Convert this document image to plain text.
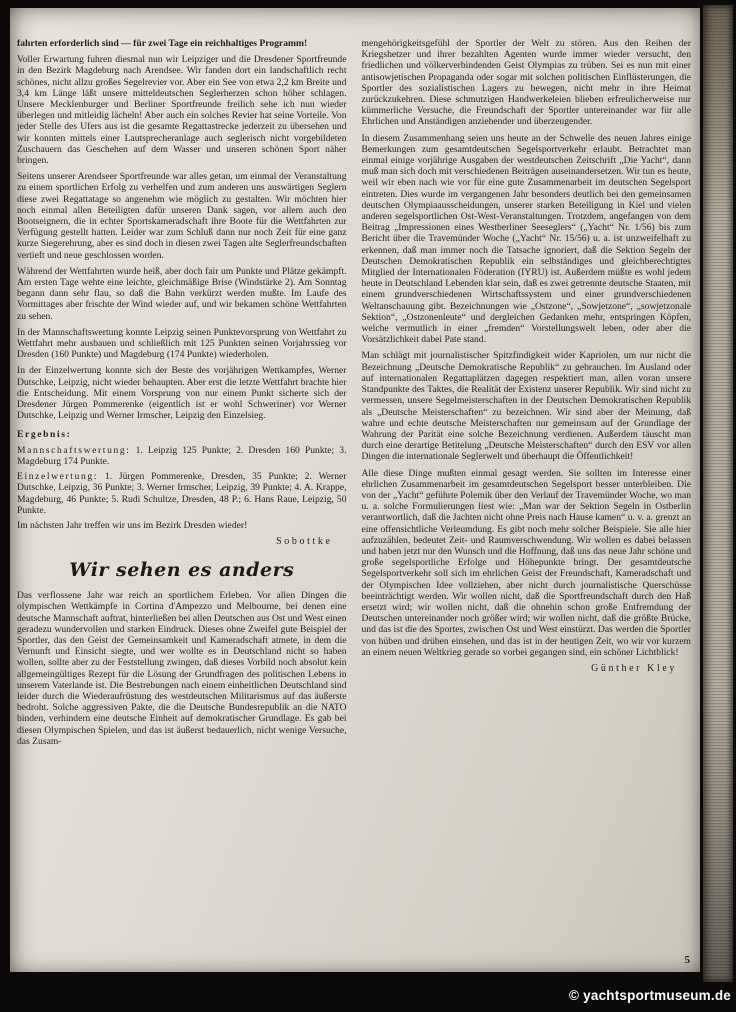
fahrten erforderlich sind — für zwei Tage ein reichhaltiges Programm!

Voller Erwartung fuhren diesmal nun wir Leipziger und die Dresdener Sportfreunde in den Bezirk Magdeburg nach Arendsee. Wir fanden dort ein landschaftlich recht schönes, nicht allzu großes Segelrevier vor. Aber ein See von etwa 2,2 km Breite und 3,4 km Länge läßt unsere mitteldeutschen Seglerherzen schon höher schlagen. Unsere Mecklenburger und Berliner Sportfreunde freilich sehe ich nun wieder überlegen und mitleidig lächeln! Aber auch ein solches Revier hat seine Vorteile. Von jeder Stelle des Ufers aus ist die gesamte Regattastrecke jederzeit zu übersehen und wir konnten mittels einer Lautsprecheranlage auch seglerisch nicht vorgebildeten Zuschauern das Geschehen auf dem Wasser und unseren schönen Sport näher bringen.

Seitens unserer Arendseer Sportfreunde war alles getan, um einmal der Veranstaltung zu einem sportlichen Erfolg zu verhelfen und zum anderen uns auswärtigen Seglern diese zwei Regattatage so angenehm wie möglich zu gestalten. Wir möchten hier noch einmal allen Beteiligten dafür unseren Dank sagen, vor allem auch den Bootseignern, die in echter Sportskameradschaft ihre Boote für die Wettfahrten zur Verfügung gestellt hatten. Leider war zum Schluß dann nur noch Zeit für eine ganz kurze Siegerehrung, aber es sind doch in diesen zwei Tagen alte Seglerfreundschaften vertieft und neue geschlossen worden.

Während der Wettfahrten wurde heiß, aber doch fair um Punkte und Plätze gekämpft. Am ersten Tage wehte eine leichte, gleichmäßige Brise (Windstärke 2). Am Sonntag begann dann sehr flau, so daß die Bahn verkürzt werden mußte. Im Laufe des Vormittages aber frischte der Wind wieder auf, und wir bekamen schöne Wettfahrten zu sehen.

In der Mannschaftswertung konnte Leipzig seinen Punktevorsprung von Wettfahrt zu Wettfahrt mehr ausbauen und schließlich mit 125 Punkten seinen Vorjahrssieg vor Dresden (160 Punkte) und Magdeburg (174 Punkte) wiederholen.

In der Einzelwertung konnte sich der Beste des vorjährigen Wettkampfes, Werner Dutschke, Leipzig, nicht wieder behaupten. Aber erst die letzte Wettfahrt brachte hier die Entscheidung. Mit einem Vorsprung von nur einem Punkt sicherte sich der Dresdener Jürgen Pommerenke (eigentlich ist er wohl Schweriner) vor Werner Dutschke, Leipzig und Werner Irmscher, Leipzig den Einzelsieg.

Ergebnis:

Mannschaftswertung: 1. Leipzig 125 Punkte; 2. Dresden 160 Punkte; 3. Magdeburg 174 Punkte.

Einzelwertung: 1. Jürgen Pommerenke, Dresden, 35 Punkte; 2. Werner Dutschke, Leipzig, 36 Punkte; 3. Werner Irmscher, Leipzig, 39 Punkte; 4. A. Krappe, Magdeburg, 46 Punkte; 5. Rudi Schultze, Dresden, 48 P.; 6. Hans Raue, Leipzig, 50 Punkte.

Im nächsten Jahr treffen wir uns im Bezirk Dresden wieder!

Sobottke

Wir sehen es anders

Das verflossene Jahr war reich an sportlichem Erleben. Vor allen Dingen die olympischen Wettkämpfe in Cortina d'Ampezzo und Melbourne, bei denen eine deutsche Mannschaft auftrat, hinterließen bei allen Deutschen aus Ost und West einen geradezu wundervollen und starken Eindruck. Dieses ohne Zweifel gute Beispiel der Sportler, das den Geist der Gemeinsamkeit und Kameradschaft atmete, in dem die Vernunft und Einsicht siegte, und wer wollte es in Deutschland nicht so haben wollen, sollte aber zu der Feststellung zwingen, daß dieses Vorbild noch absolut kein allgemeingültiges Rezept für die Lösung der Grundfragen des politischen Lebens in unserem Vaterlande ist. Die Bestrebungen nach einem einheitlichen Deutschland sind leider durch die Wiederaufrüstung des westdeutschen Militarismus auf das äußerste bedroht. Solche aggressiven Pakte, die die Deutsche Bundesrepublik an die NATO binden, verhindern eine deutsche Einheit auf demokratischer Grundlage. Es gab bei diesen Olympischen Spielen, und das ist äußerst bedauerlich, nicht wenige Versuche, das Zusam-

mengehörigkeitsgefühl der Sportler der Welt zu stören. Aus den Reihen der Kriegshetzer und ihrer bezahlten Agenten wurde immer wieder versucht, den friedlichen und völkerverbindenden Geist Olympias zu trüben. Sei es nun mit einer antisowjetischen Propaganda oder sogar mit solchen politischen Einflüsterungen, die Sportler des sozialistischen Lagers zu bewegen, nicht mehr in ihre Heimat zurückzukehren. Diese schmutzigen Handwerkeleien blieben erfreulicherweise nur kümmerliche Versuche, die Freundschaft der Sportler untereinander war für alle Ehrlichen und Anständigen anziehender und überzeugender.

In diesem Zusammenhang seien uns heute an der Schwelle des neuen Jahres einige Bemerkungen zum gesamtdeutschen Segelsportverkehr erlaubt. Betrachtet man einmal einige vorjährige Ausgaben der westdeutschen Zeitschrift „Die Yacht“, dann muß man sich doch mit verschiedenen Beiträgen auseinandersetzen. Wir tun es heute, weil wir eben nach wie vor für eine gute Zusammenarbeit im deutschen Segelsport eintreten. Dies wurde im vergangenen Jahr besonders deutlich bei den gemeinsamen deutschen Olympiaausscheidungen, unserer starken Beteiligung in Kiel und vielen anderen segelsportlichen Ost-West-Veranstaltungen. Trotzdem, angefangen von dem Beitrag „Impressionen eines Westberliner Seeseglers“ („Yacht“ Nr. 1/56) bis zum Bericht über die Travemünder Woche („Yacht“ Nr. 15/56) u. a. ist unzweifelhaft zu erkennen, daß man immer noch die Tatsache ignoriert, daß die Sektion Segeln der Deutschen Demokratischen Republik ein selbständiges und gleichberechtigtes Mitglied der Internationalen Föderation (IYRU) ist. Außerdem müßte es wohl jedem heute in Deutschland Lebenden klar sein, daß es zwei getrennte deutsche Staaten, mit einem grundverschiedenen Wirtschaftssystem und einer grundverschiedenen Weltanschauung gibt. Bezeichnungen wie „Ostzone“, „Sowjetzone“, „sowjetzonale Sektion“, „Ostzonenleute“ und dergleichen Gedanken mehr, entspringen Köpfen, welche vermutlich in einer „fremden“ Vorstellungswelt leben, oder aber die Vorsätzlichkeit dabei Pate stand.

Man schlägt mit journalistischer Spitzfindigkeit wider Kapriolen, um nur nicht die Bezeichnung „Deutsche Demokratische Republik“ zu gebrauchen. Im Ausland oder auf internationalen Regattaplätzen dagegen respektiert man, allen voran unsere Standpunkte des Taktes, die Realität der Existenz unserer Republik. Wir sind nicht zu vermessen, unsere Segelmeisterschaften in der Deutschen Demokratischen Republik als „Deutsche Meisterschaften“ zu bezeichnen. Wir sind aber der Meinung, daß wahre und echte deutsche Meisterschaften nur gemeinsam auf der Grundlage der Wahrung der Parität eine solche Bezeichnung verdienen. Außerdem täuscht man durch eine derartige Betitelung „Deutsche Meisterschaften“ durch den ESV vor allen Dingen die internationale Seglerwelt und überhaupt die Öffentlichkeit!

Alle diese Dinge mußten einmal gesagt werden. Sie sollten im Interesse einer ehrlichen Zusammenarbeit im gesamtdeutschen Segelsport besser unterbleiben. Die von der „Yacht“ geführte Polemik über den Verlauf der Travemünder Woche, wo man u. a. solche Formulierungen liest wie: „Man war der Sektion Segeln in Ostberlin verantwortlich, daß die Jachten nicht ohne Preis nach Hause kamen“ u. v. a. grenzt an eine offensichtliche Verleumdung. Es gibt noch mehr solcher Beispiele. Sie alle hier aufzuzählen, bedeutet Zeit- und Raumverschwendung. Wir wollen es dabei belassen und haben jetzt nur den Wunsch und die Hoffnung, daß uns das neue Jahr schöne und große segelsportliche Erfolge und Höhepunkte bringt. Der gesamtdeutsche Segelsportverkehr soll sich im ehrlichen Geist der Freundschaft, Kameradschaft und der Olympischen Idee vollziehen, aber nicht durch journalistische Querschüsse beeinträchtigt werden. Wir wollen nicht, daß die Sportfreundschaft durch den Haß ersetzt wird; wir wollen nicht, daß die ohnehin schon große Entfremdung der Deutschen untereinander noch größer wird; wir wollen nicht, daß die größte Brücke, und das ist die des Sportes, zwischen Ost und West einstürzt. Das werden die Sportler von hüben und drüben einsehen, und das ist in der heutigen Zeit, wo wir vor kurzem an einem neuen Weltkrieg gerade so vorbei gegangen sind, ein schöner Lichtblick!

Günther Kley

5
© yachtsportmuseum.de
